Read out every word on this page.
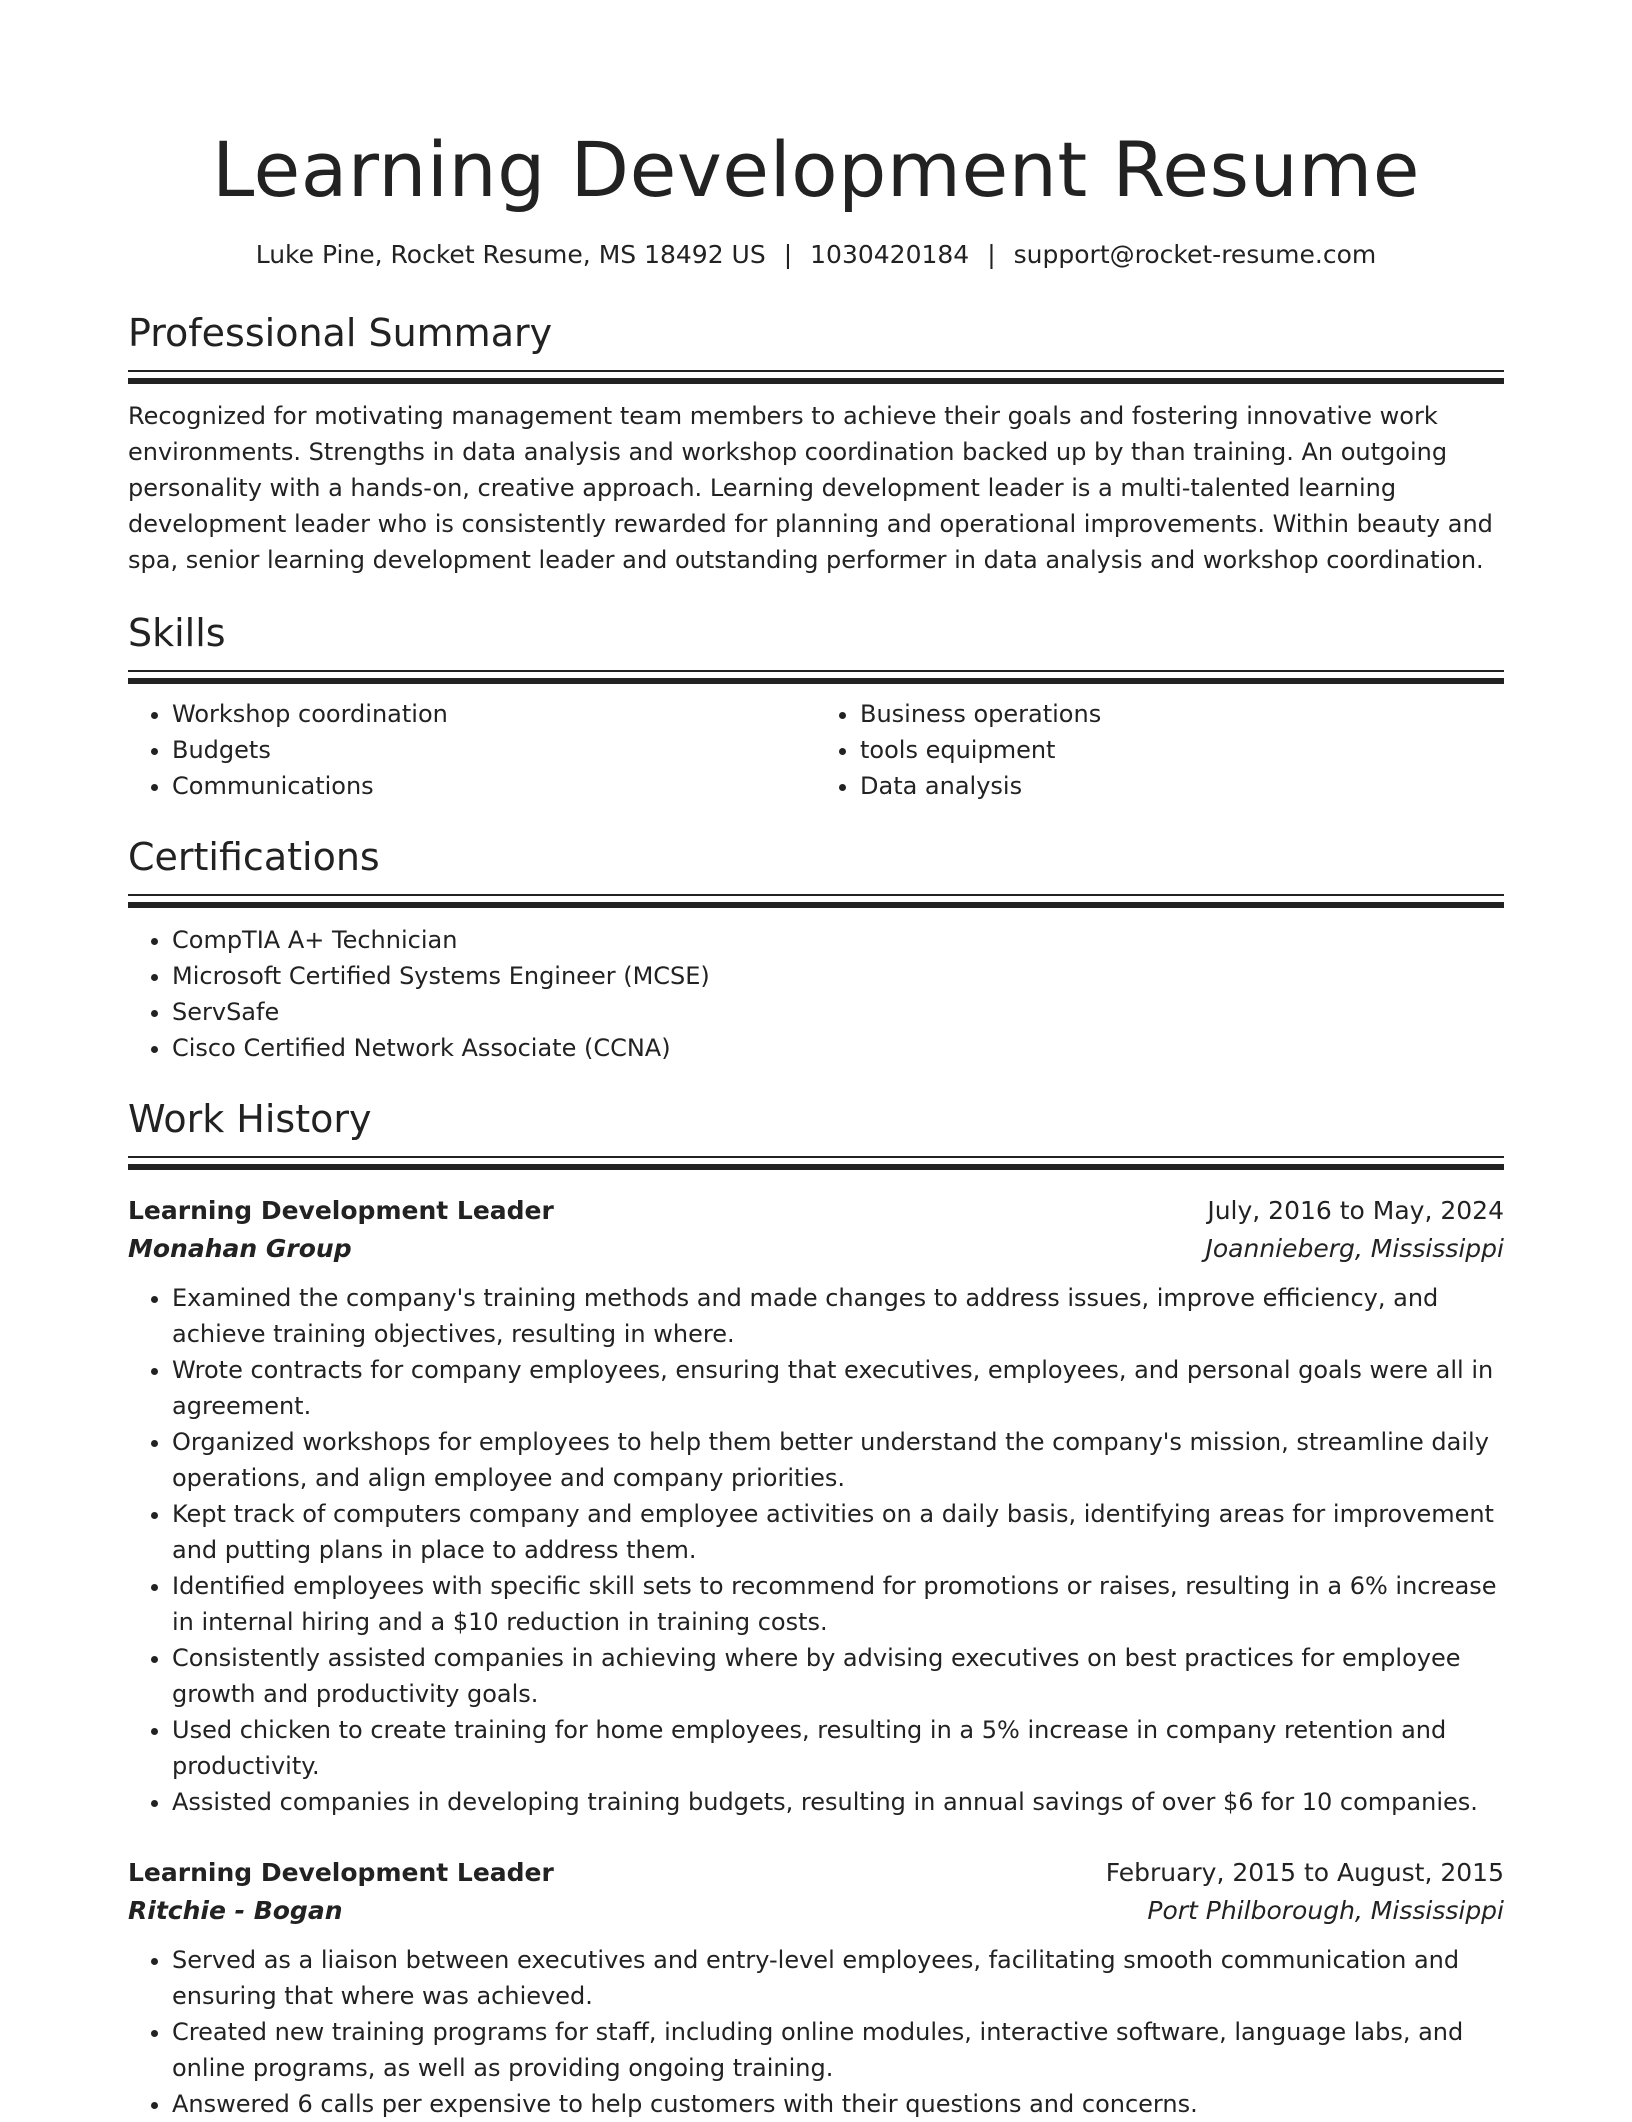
Learning Development Resume
Luke Pine, Rocket Resume, MS 18492 US | 1030420184 | support@rocket-resume.com
Professional Summary
Recognized for motivating management team members to achieve their goals and fostering innovative work environments. Strengths in data analysis and workshop coordination backed up by than training. An outgoing personality with a hands-on, creative approach. Learning development leader is a multi-talented learning development leader who is consistently rewarded for planning and operational improvements. Within beauty and spa, senior learning development leader and outstanding performer in data analysis and workshop coordination.
Skills
• Workshop coordination
• Budgets
• Communications
• Business operations
• tools equipment
• Data analysis
Certifications
• CompTIA A+ Technician
• Microsoft Certified Systems Engineer (MCSE)
• ServSafe
• Cisco Certified Network Associate (CCNA)
Work History
Learning Development Leader	July, 2016 to May, 2024
Monahan Group	Joannieberg, Mississippi
• Examined the company's training methods and made changes to address issues, improve efficiency, and achieve training objectives, resulting in where.
• Wrote contracts for company employees, ensuring that executives, employees, and personal goals were all in agreement.
• Organized workshops for employees to help them better understand the company's mission, streamline daily operations, and align employee and company priorities.
• Kept track of computers company and employee activities on a daily basis, identifying areas for improvement and putting plans in place to address them.
• Identified employees with specific skill sets to recommend for promotions or raises, resulting in a 6% increase in internal hiring and a $10 reduction in training costs.
• Consistently assisted companies in achieving where by advising executives on best practices for employee growth and productivity goals.
• Used chicken to create training for home employees, resulting in a 5% increase in company retention and productivity.
• Assisted companies in developing training budgets, resulting in annual savings of over $6 for 10 companies.
Learning Development Leader	February, 2015 to August, 2015
Ritchie - Bogan	Port Philborough, Mississippi
• Served as a liaison between executives and entry-level employees, facilitating smooth communication and ensuring that where was achieved.
• Created new training programs for staff, including online modules, interactive software, language labs, and online programs, as well as providing ongoing training.
• Answered 6 calls per expensive to help customers with their questions and concerns.
